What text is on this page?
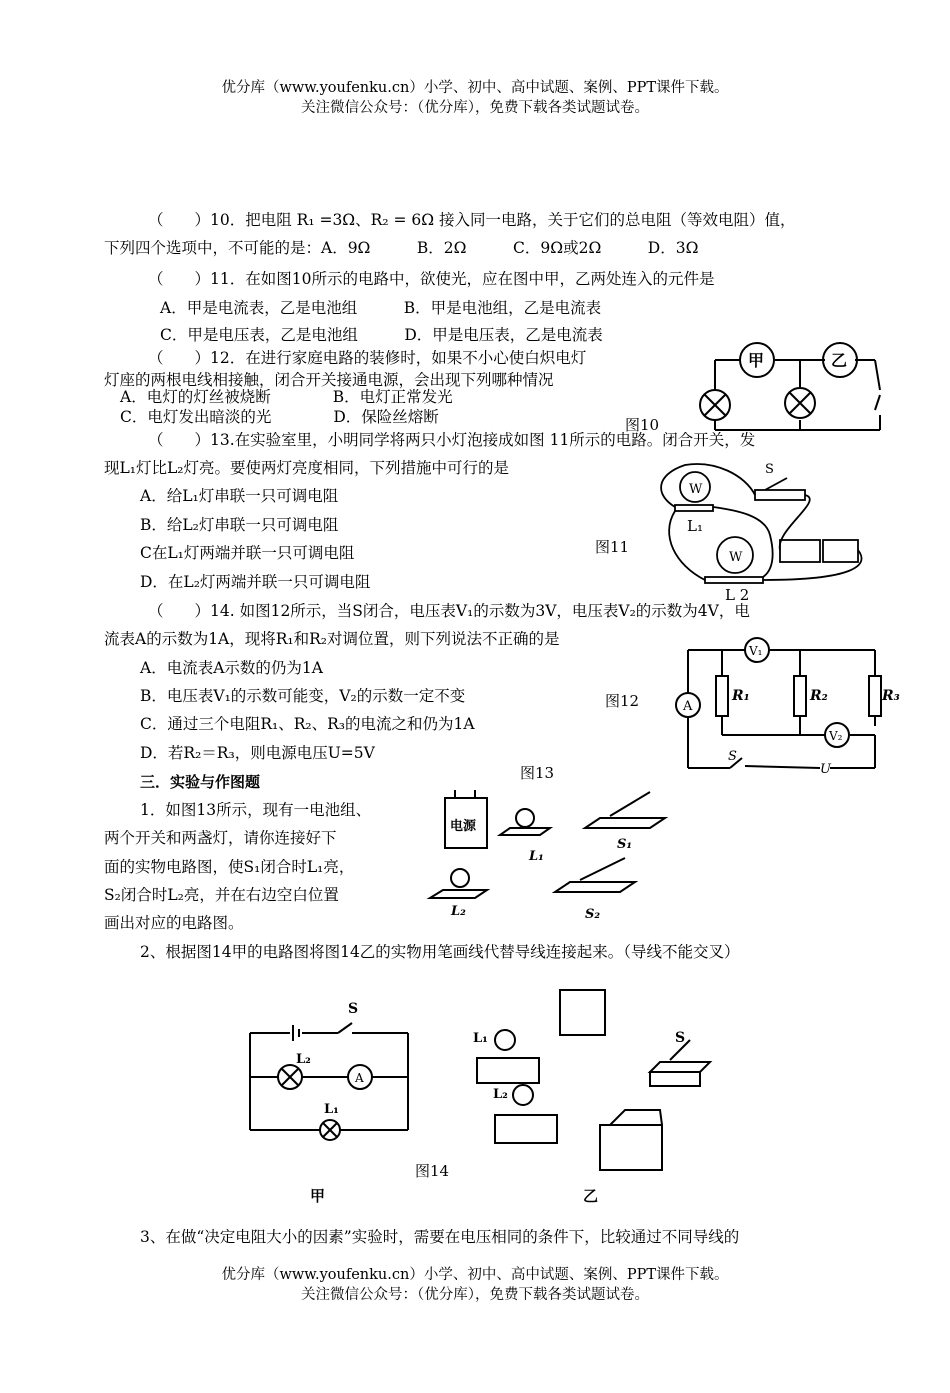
优分库（www.youfenku.cn）小学、初中、高中试题、案例、PPT课件下载。
关注微信公众号：（优分库），免费下载各类试题试卷。
（　　）10．把电阻 R₁ =3Ω、R₂ = 6Ω 接入同一电路，关于它们的总电阻（等效电阻）值，
下列四个选项中，不可能的是：A．9Ω　　　B．2Ω　　　C．9Ω或2Ω　　　D．3Ω
（　　）11．在如图10所示的电路中，欲使光，应在图中甲，乙两处连入的元件是
A．甲是电流表，乙是电池组　　　B．甲是电池组，乙是电流表
C．甲是电压表，乙是电池组　　　D．甲是电压表，乙是电流表
（　　）12．在进行家庭电路的装修时，如果不小心使白炽电灯
灯座的两根电线相接触，闭合开关接通电源，会出现下列哪种情况
A．电灯的灯丝被烧断　　　　B．电灯正常发光
C．电灯发出暗淡的光　　　　D．保险丝熔断
（　　）13.在实验室里，小明同学将两只小灯泡接成如图 11所示的电路。闭合开关，发
现L₁灯比L₂灯亮。要使两灯亮度相同，下列措施中可行的是
A．给L₁灯串联一只可调电阻
B．给L₂灯串联一只可调电阻
C在L₁灯两端并联一只可调电阻
D．在L₂灯两端并联一只可调电阻
（　　）14. 如图12所示，当S闭合，电压表V₁的示数为3V，电压表V₂的示数为4V，电
流表A的示数为1A，现将R₁和R₂对调位置，则下列说法不正确的是
A．电流表A示数的仍为1A
B．电压表V₁的示数可能变，V₂的示数一定不变
C．通过三个电阻R₁、R₂、R₃的电流之和仍为1A
D．若R₂＝R₃，则电源电压U=5V
三．实验与作图题
1．如图13所示，现有一电池组、
两个开关和两盏灯，请你连接好下
面的实物电路图，使S₁闭合时L₁亮，
S₂闭合时L₂亮，并在右边空白位置
画出对应的电路图。
2、根据图14甲的电路图将图14乙的实物用笔画线代替导线连接起来。（导线不能交叉）
3、在做“决定电阻大小的因素”实验时，需要在电压相同的条件下，比较通过不同导线的
甲	乙
图10
W
W
S
L₁
L 2
图11
V₁
V₂
A
R₁	R₂	R₃
S
U
图12
图13
电源
L₁
S₁
L₂	S₂
S
L₂
A
L₁
甲
L₁
L₂
S
图14
乙
优分库（www.youfenku.cn）小学、初中、高中试题、案例、PPT课件下载。
关注微信公众号：（优分库），免费下载各类试题试卷。
